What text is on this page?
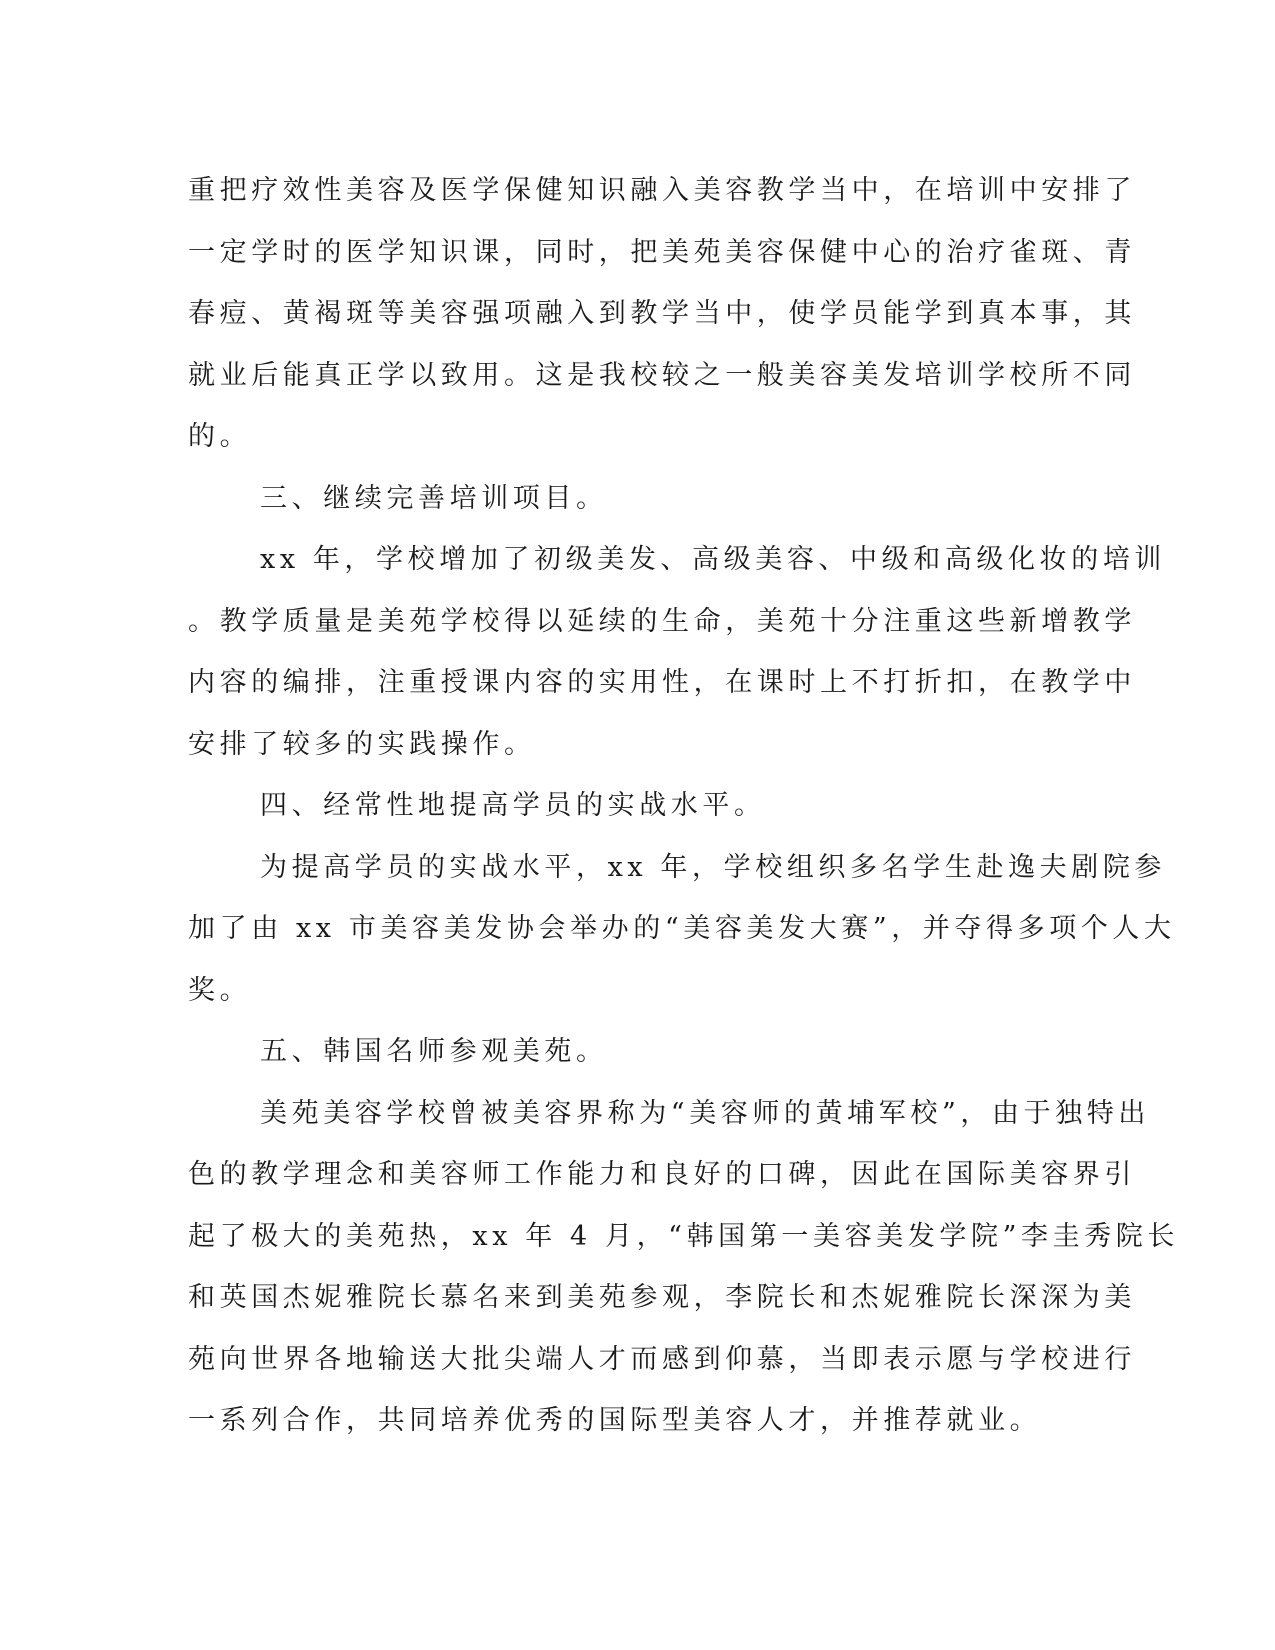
重把疗效性美容及医学保健知识融入美容教学当中，在培训中安排了
一定学时的医学知识课，同时，把美苑美容保健中心的治疗雀斑、青
春痘、黄褐斑等美容强项融入到教学当中，使学员能学到真本事，其
就业后能真正学以致用。这是我校较之一般美容美发培训学校所不同
的。
三、继续完善培训项目。
xx 年，学校增加了初级美发、高级美容、中级和高级化妆的培训
。教学质量是美苑学校得以延续的生命，美苑十分注重这些新增教学
内容的编排，注重授课内容的实用性，在课时上不打折扣，在教学中
安排了较多的实践操作。
四、经常性地提高学员的实战水平。
为提高学员的实战水平，xx 年，学校组织多名学生赴逸夫剧院参
加了由 xx 市美容美发协会举办的“美容美发大赛”，并夺得多项个人大
奖。
五、韩国名师参观美苑。
美苑美容学校曾被美容界称为“美容师的黄埔军校”，由于独特出
色的教学理念和美容师工作能力和良好的口碑，因此在国际美容界引
起了极大的美苑热，xx 年 4 月，“韩国第一美容美发学院”李圭秀院长
和英国杰妮雅院长慕名来到美苑参观，李院长和杰妮雅院长深深为美
苑向世界各地输送大批尖端人才而感到仰慕，当即表示愿与学校进行
一系列合作，共同培养优秀的国际型美容人才，并推荐就业。
